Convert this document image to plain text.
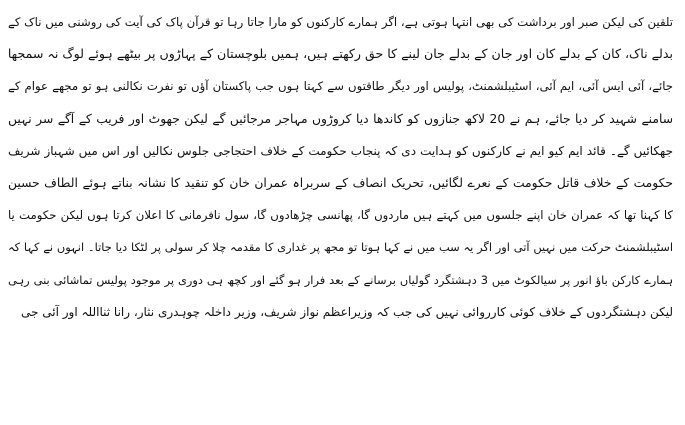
تلقین کی لیکن صبر اور برداشت کی بھی انتہا ہوتی ہے، اگر ہمارے کارکنوں کو مارا جاتا رہا تو قرآن پاک کی آیت کی روشنی میں ناک کے
بدلے ناک، کان کے بدلے کان اور جان کے بدلے جان لینے کا حق رکھتے ہیں، ہمیں بلوچستان کے پہاڑوں پر بیٹھے ہوئے لوگ نہ سمجھا
جائے، آئی ایس آئی، ایم آئی، اسٹیبلشمنٹ، پولیس اور دیگر طاقتوں سے کہتا ہوں جب پاکستان آؤں تو نفرت نکالنی ہو تو مجھے عوام کے
سامنے شہید کر دیا جائے، ہم نے 20 لاکھ جنازوں کو کاندھا دیا کروڑوں مہاجر مرجائیں گے لیکن جھوٹ اور فریب کے آگے سر نہیں
جھکائیں گے۔ قائد ایم کیو ایم نے کارکنوں کو ہدایت دی کہ پنجاب حکومت کے خلاف احتجاجی جلوس نکالیں اور اس میں شہباز شریف
حکومت کے خلاف قاتل حکومت کے نعرے لگائیں، تحریک انصاف کے سربراہ عمران خان کو تنقید کا نشانہ بناتے ہوئے الطاف حسین
کا کہنا تھا کہ عمران خان اپنے جلسوں میں کہتے ہیں ماردوں گا، پھانسی چڑھادوں گا، سول نافرمانی کا اعلان کرتا ہوں لیکن حکومت یا
اسٹیبلشمنٹ حرکت میں نہیں آتی اور اگر یہ سب میں نے کہا ہوتا تو مجھ پر غداری کا مقدمہ چلا کر سولی پر لٹکا دیا جاتا۔ انہوں نے کہا کہ
ہمارے کارکن باؤ انور پر سیالکوٹ میں 3 دہشتگرد گولیاں برسانے کے بعد فرار ہو گئے اور کچھ ہی دوری پر موجود پولیس تماشائی بنی رہی
لیکن دہشتگردوں کے خلاف کوئی کارروائی نہیں کی جب کہ وزیراعظم نواز شریف، وزیر داخلہ چوہدری نثار، رانا ثنااللہ اور آئی جی
